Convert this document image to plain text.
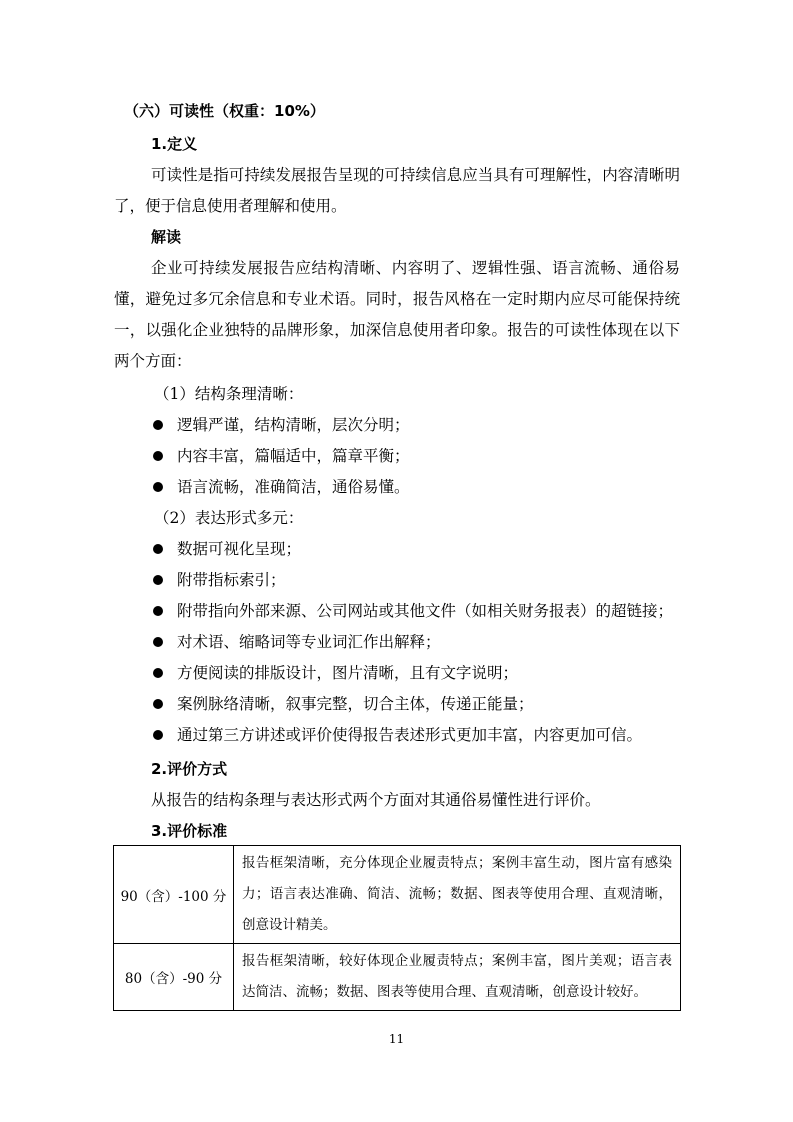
（六）可读性（权重：10%）
1.定义
可读性是指可持续发展报告呈现的可持续信息应当具有可理解性，内容清晰明了，便于信息使用者理解和使用。
解读
企业可持续发展报告应结构清晰、内容明了、逻辑性强、语言流畅、通俗易懂，避免过多冗余信息和专业术语。同时，报告风格在一定时期内应尽可能保持统一，以强化企业独特的品牌形象，加深信息使用者印象。报告的可读性体现在以下两个方面：
（1）结构条理清晰：
逻辑严谨，结构清晰，层次分明；
内容丰富，篇幅适中，篇章平衡；
语言流畅，准确简洁，通俗易懂。
（2）表达形式多元：
数据可视化呈现；
附带指标索引；
附带指向外部来源、公司网站或其他文件（如相关财务报表）的超链接；
对术语、缩略词等专业词汇作出解释；
方便阅读的排版设计，图片清晰，且有文字说明；
案例脉络清晰，叙事完整，切合主体，传递正能量；
通过第三方讲述或评价使得报告表述形式更加丰富，内容更加可信。
2.评价方式
从报告的结构条理与表达形式两个方面对其通俗易懂性进行评价。
3.评价标准
90（含）-100 分	报告框架清晰，充分体现企业履责特点；案例丰富生动，图片富有感染力；语言表达准确、简洁、流畅；数据、图表等使用合理、直观清晰，创意设计精美。
80（含）-90 分	报告框架清晰，较好体现企业履责特点；案例丰富，图片美观；语言表达简洁、流畅；数据、图表等使用合理、直观清晰，创意设计较好。
11
